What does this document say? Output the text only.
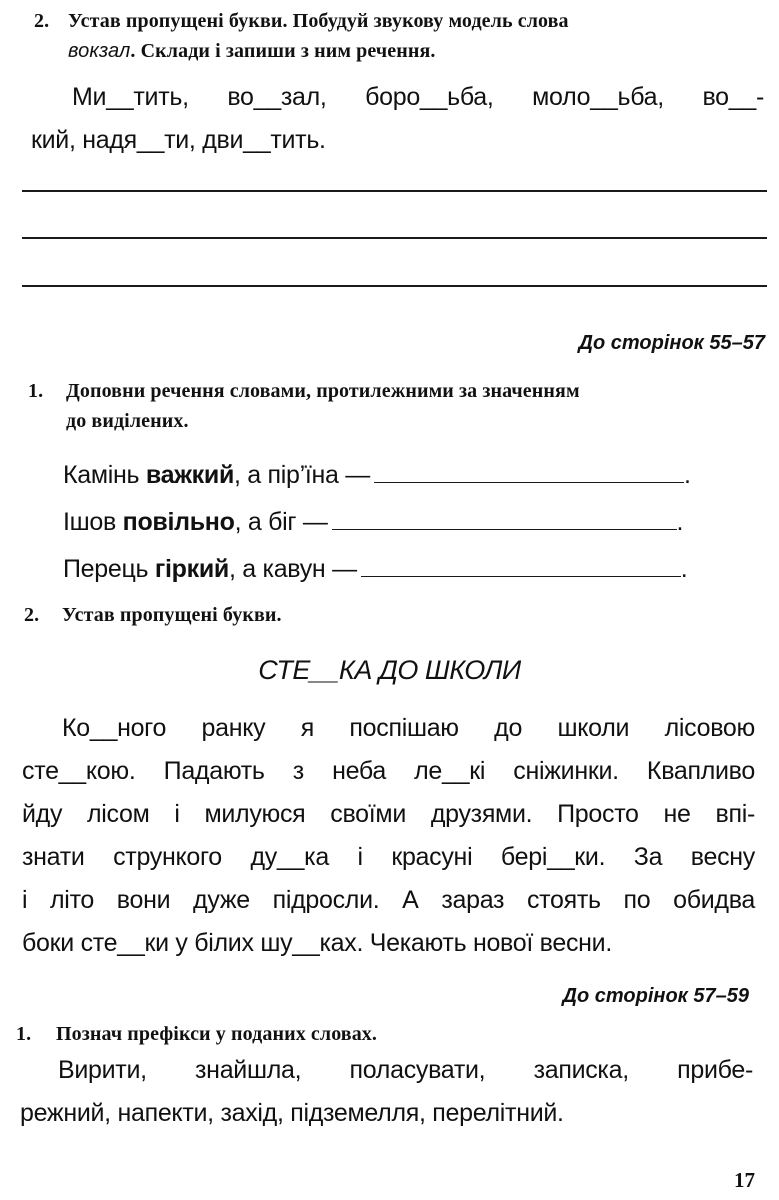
2. Устав пропущені букви. Побудуй звукову модель слова
вокзал. Склади і запиши з ним речення.
Ми__тить, во__зал, боро__ьба, моло__ьба, во__-
кий, надя__ти, дви__тить.
До сторінок 55–57
1. Доповни речення словами, протилежними за значенням
до виділених.
Камінь важкий, а пір’їна —	.
Ішов повільно, а біг —	.
Перець гіркий, а кавун —	.
2. Устав пропущені букви.
СТЕ__КА ДО ШКОЛИ
Ко__ного ранку я поспішаю до школи лісовою
сте__кою. Падають з неба ле__кі сніжинки. Квапливо
йду лісом і милуюся своїми друзями. Просто не впі-
знати стрункого ду__ка і красуні бері__ки. За весну
і літо вони дуже підросли. А зараз стоять по обидва
боки сте__ки у білих шу__ках. Чекають нової весни.
До сторінок 57–59
1. Познач префікси у поданих словах.
Вирити, знайшла, поласувати, записка, прибе-
режний, напекти, захід, підземелля, перелітний.
17
